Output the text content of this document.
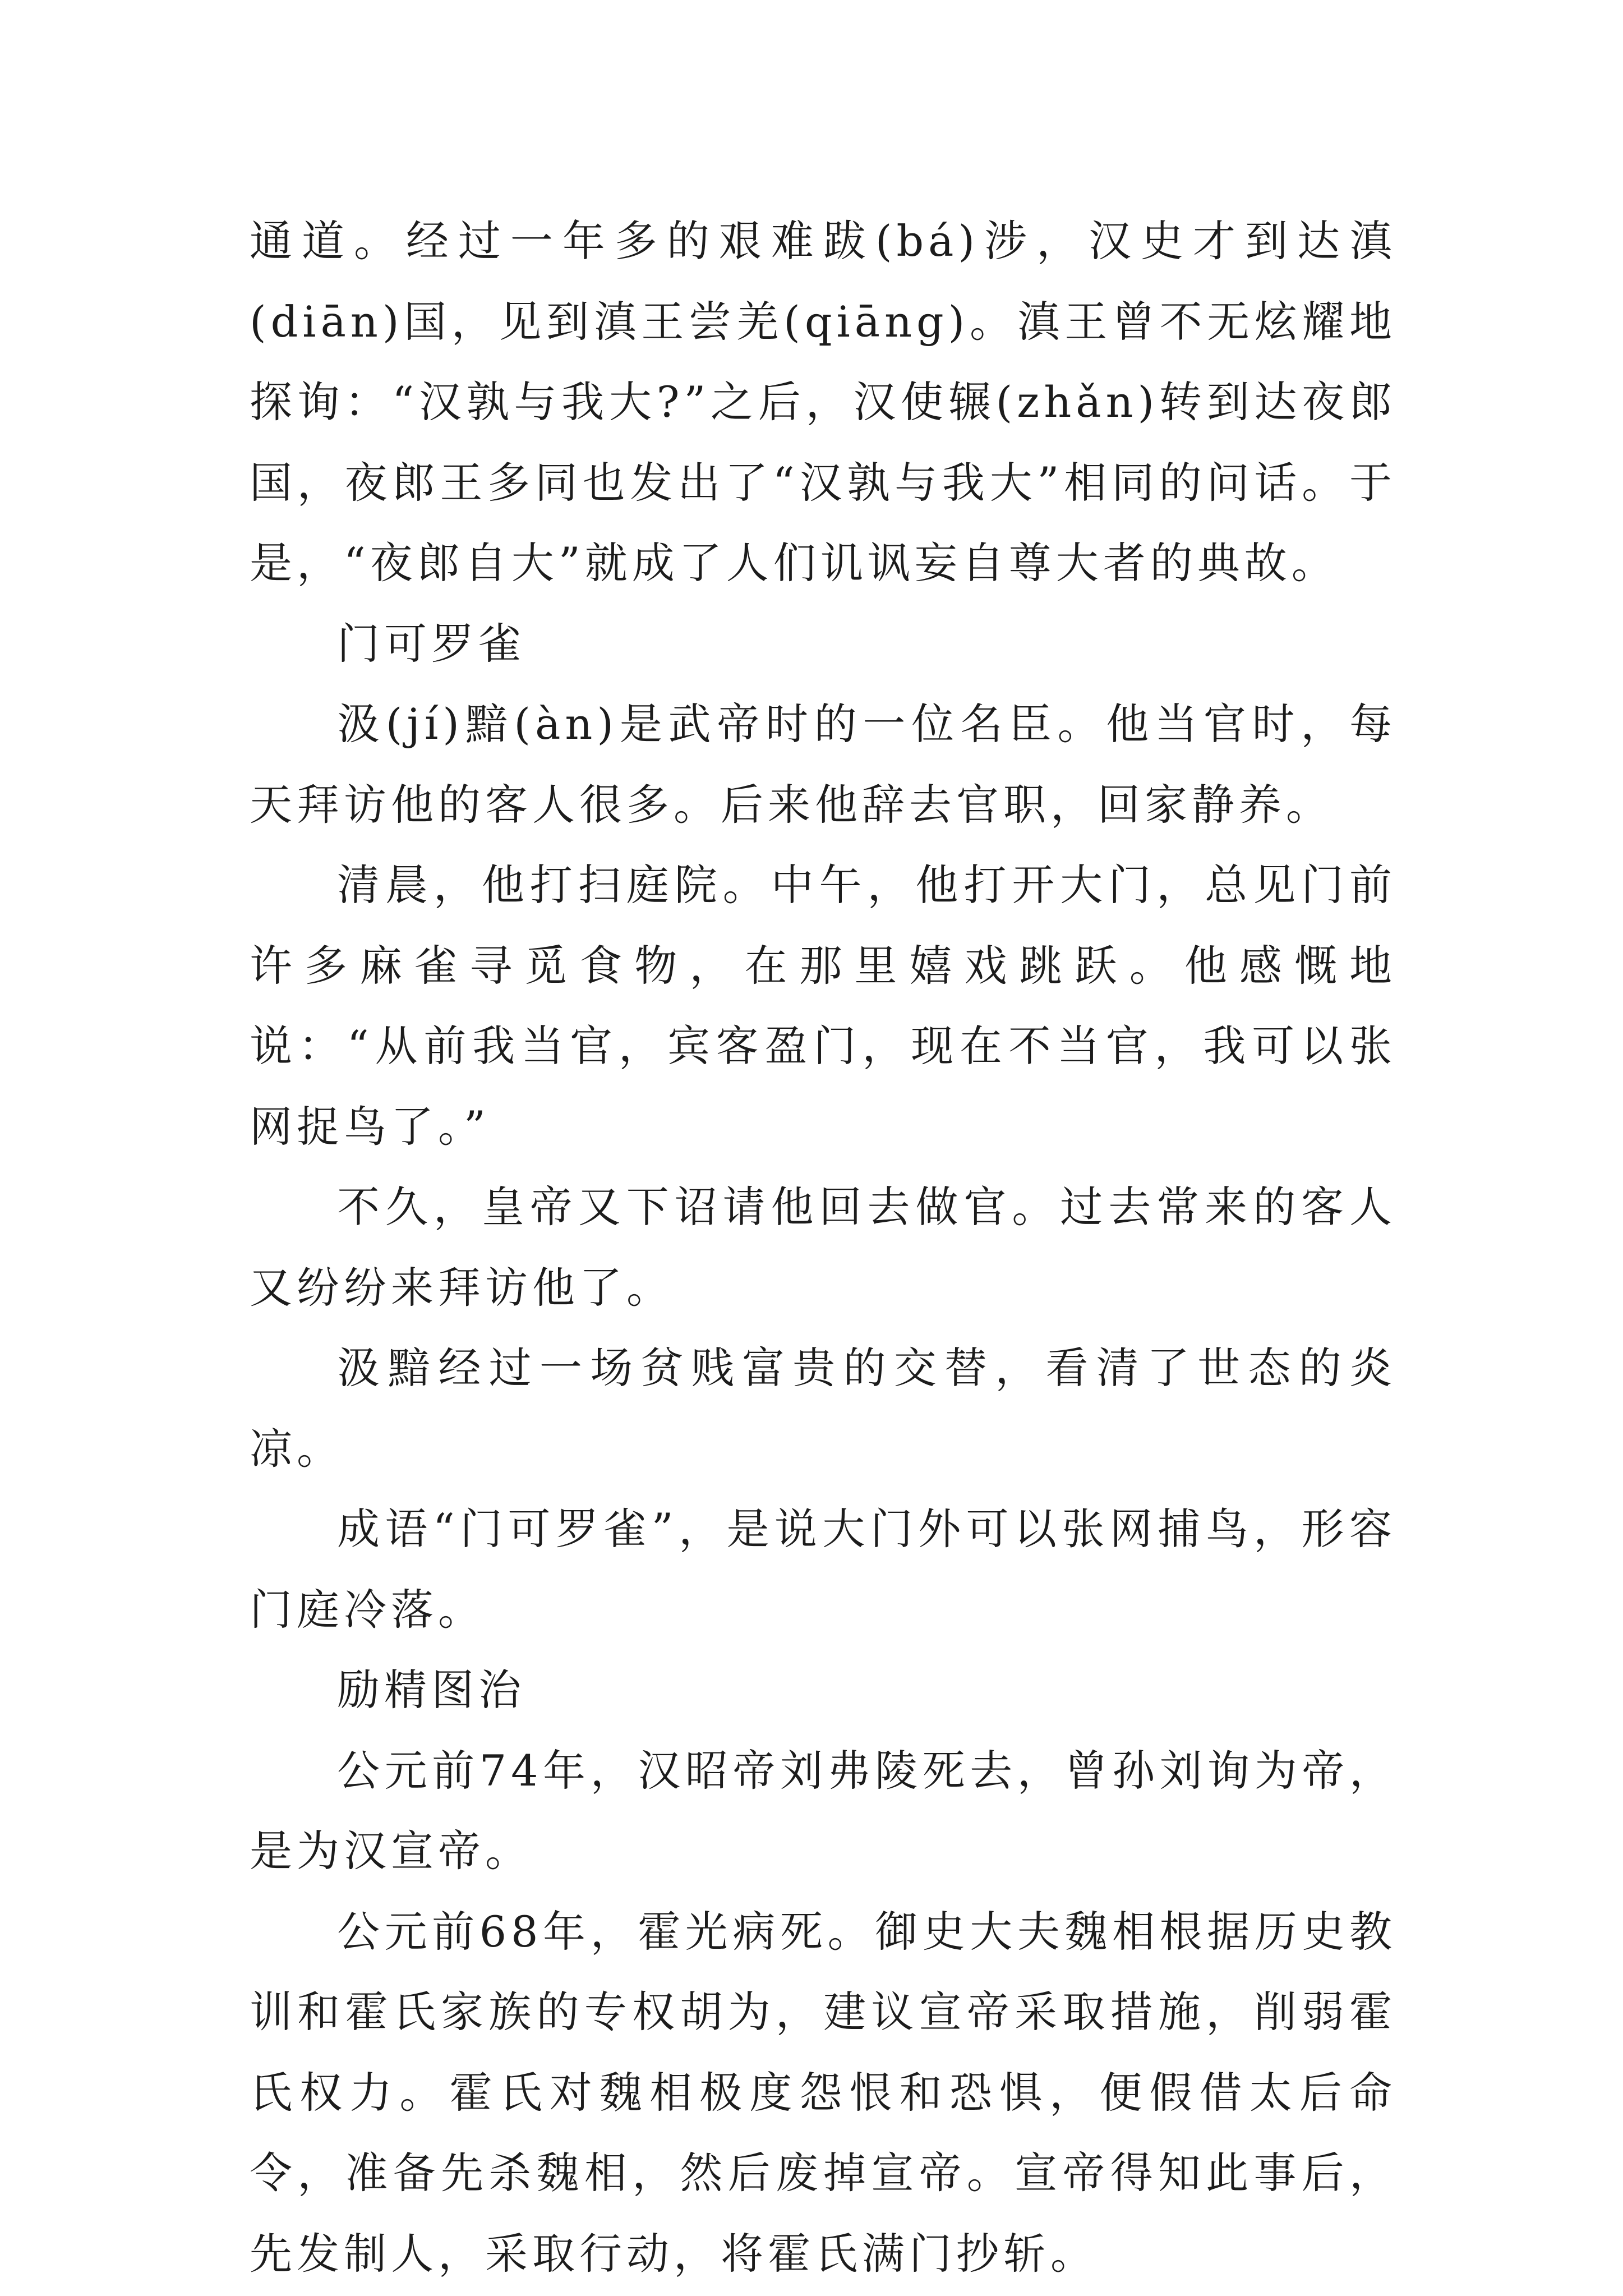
通道。经过一年多的艰难跋(bá)涉，汉史才到达滇(diān)国，见到滇王尝羌(qiāng)。滇王曾不无炫耀地探询：“汉孰与我大?”之后，汉使辗(zhǎn)转到达夜郎国，夜郎王多同也发出了“汉孰与我大”相同的问话。于是，“夜郎自大”就成了人们讥讽妄自尊大者的典故。

门可罗雀

汲(jí)黯(àn)是武帝时的一位名臣。他当官时，每天拜访他的客人很多。后来他辞去官职，回家静养。

清晨，他打扫庭院。中午，他打开大门，总见门前许多麻雀寻觅食物，在那里嬉戏跳跃。他感慨地说：“从前我当官，宾客盈门，现在不当官，我可以张网捉鸟了。”

不久，皇帝又下诏请他回去做官。过去常来的客人又纷纷来拜访他了。

汲黯经过一场贫贱富贵的交替，看清了世态的炎凉。

成语“门可罗雀”，是说大门外可以张网捕鸟，形容门庭冷落。

励精图治

公元前74年，汉昭帝刘弗陵死去，曾孙刘询为帝，是为汉宣帝。

公元前68年，霍光病死。御史大夫魏相根据历史教训和霍氏家族的专权胡为，建议宣帝采取措施，削弱霍氏权力。霍氏对魏相极度怨恨和恐惧，便假借太后命令，准备先杀魏相，然后废掉宣帝。宣帝得知此事后，先发制人，采取行动，将霍氏满门抄斩。
